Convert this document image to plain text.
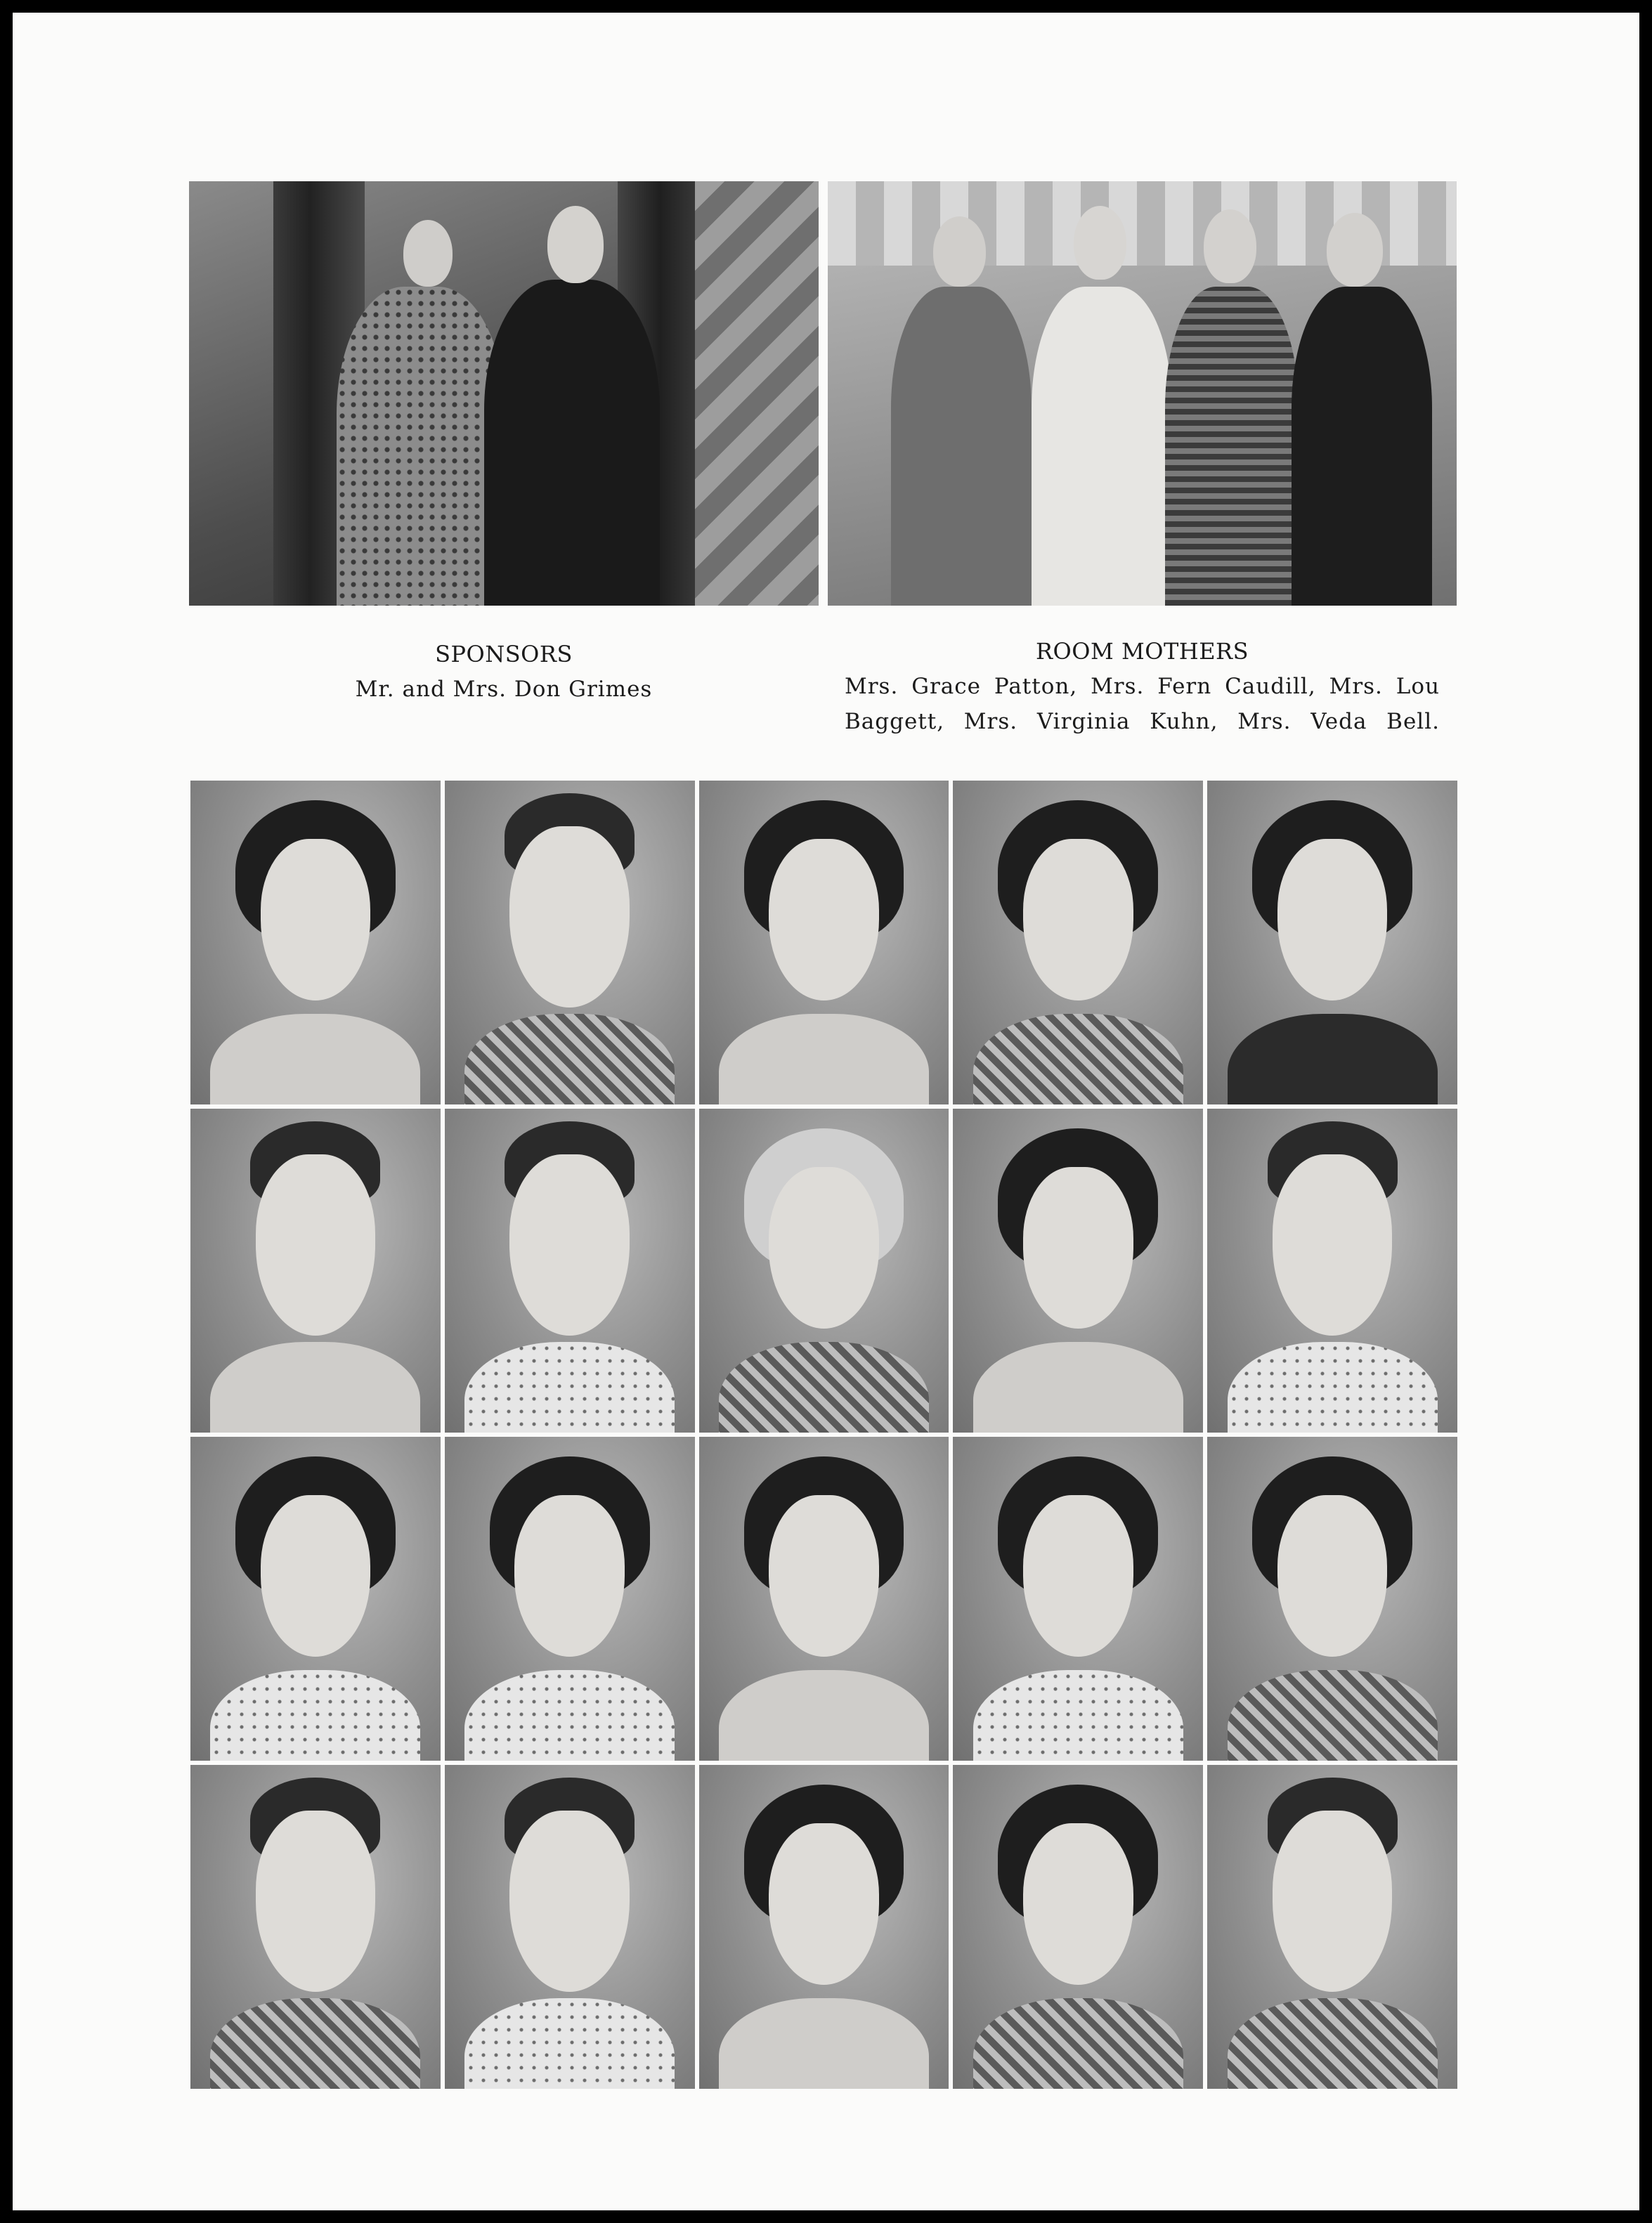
SPONSORS
Mr. and Mrs. Don Grimes
ROOM MOTHERS
Mrs. Grace Patton, Mrs. Fern Caudill, Mrs. Lou
Baggett, Mrs. Virginia Kuhn, Mrs. Veda Bell.
